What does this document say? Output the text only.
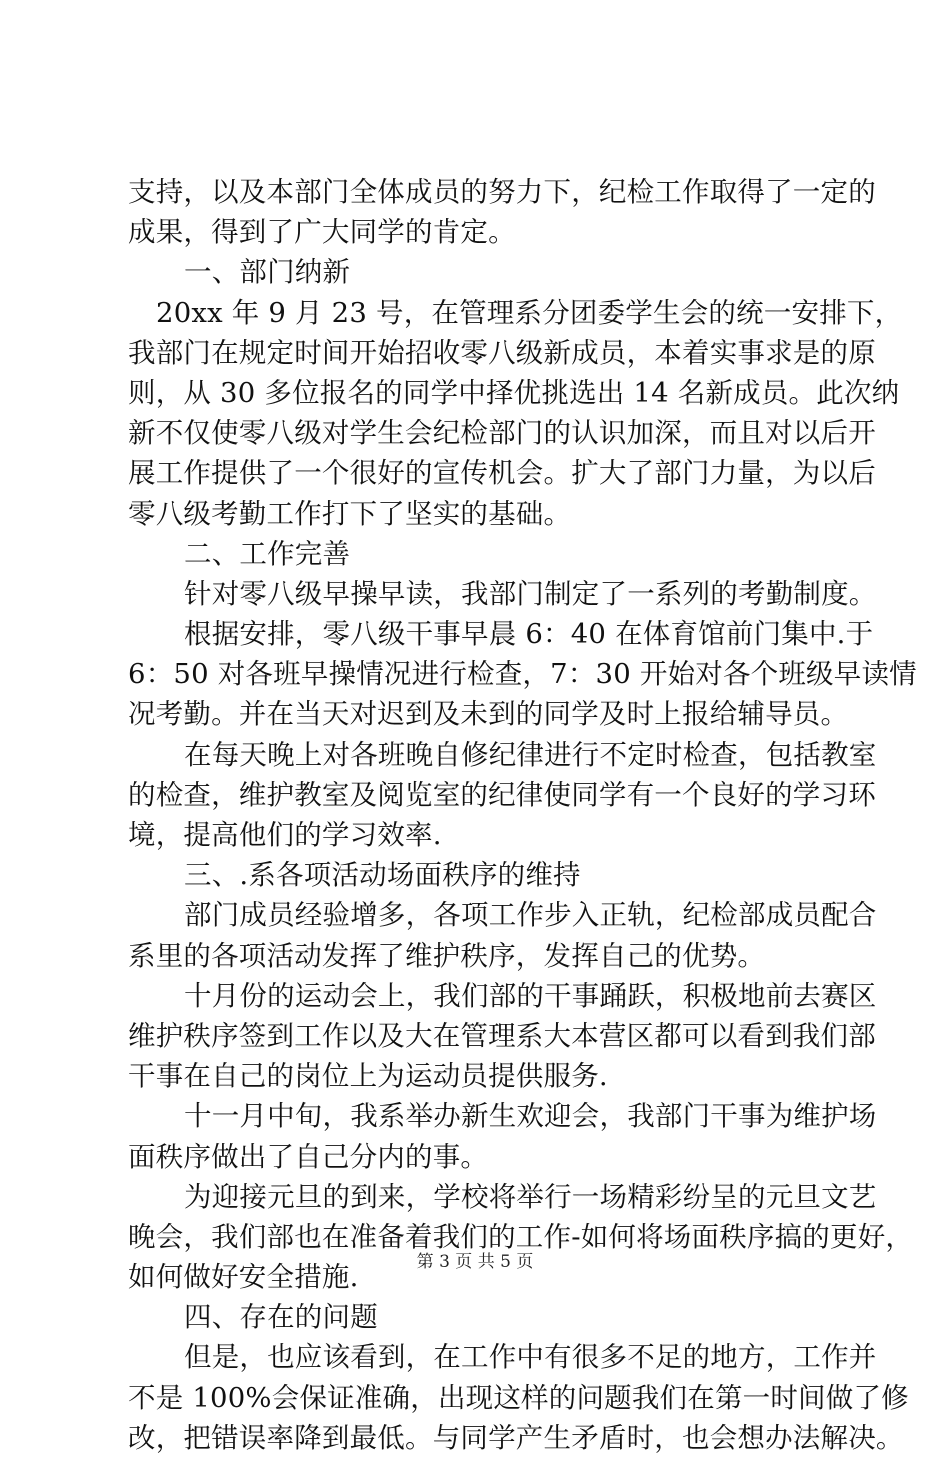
支持，以及本部门全体成员的努力下，纪检工作取得了一定的
成果，得到了广大同学的肯定。
一、部门纳新
20xx 年 9 月 23 号，在管理系分团委学生会的统一安排下，
我部门在规定时间开始招收零八级新成员，本着实事求是的原
则，从 30 多位报名的同学中择优挑选出 14 名新成员。此次纳
新不仅使零八级对学生会纪检部门的认识加深，而且对以后开
展工作提供了一个很好的宣传机会。扩大了部门力量，为以后
零八级考勤工作打下了坚实的基础。
二、工作完善
针对零八级早操早读，我部门制定了一系列的考勤制度。
根据安排，零八级干事早晨 6：40 在体育馆前门集中.于
6：50 对各班早操情况进行检查，7：30 开始对各个班级早读情
况考勤。并在当天对迟到及未到的同学及时上报给辅导员。
在每天晚上对各班晚自修纪律进行不定时检查，包括教室
的检查，维护教室及阅览室的纪律使同学有一个良好的学习环
境，提高他们的学习效率.
三、.系各项活动场面秩序的维持
部门成员经验增多，各项工作步入正轨，纪检部成员配合
系里的各项活动发挥了维护秩序，发挥自己的优势。
十月份的运动会上，我们部的干事踊跃，积极地前去赛区
维护秩序签到工作以及大在管理系大本营区都可以看到我们部
干事在自己的岗位上为运动员提供服务.
十一月中旬，我系举办新生欢迎会，我部门干事为维护场
面秩序做出了自己分内的事。
为迎接元旦的到来，学校将举行一场精彩纷呈的元旦文艺
晚会，我们部也在准备着我们的工作-如何将场面秩序搞的更好，
如何做好安全措施.
四、存在的问题
但是，也应该看到，在工作中有很多不足的地方，工作并
不是 100%会保证准确，出现这样的问题我们在第一时间做了修
改，把错误率降到最低。与同学产生矛盾时，也会想办法解决。
第 3 页 共 5 页
